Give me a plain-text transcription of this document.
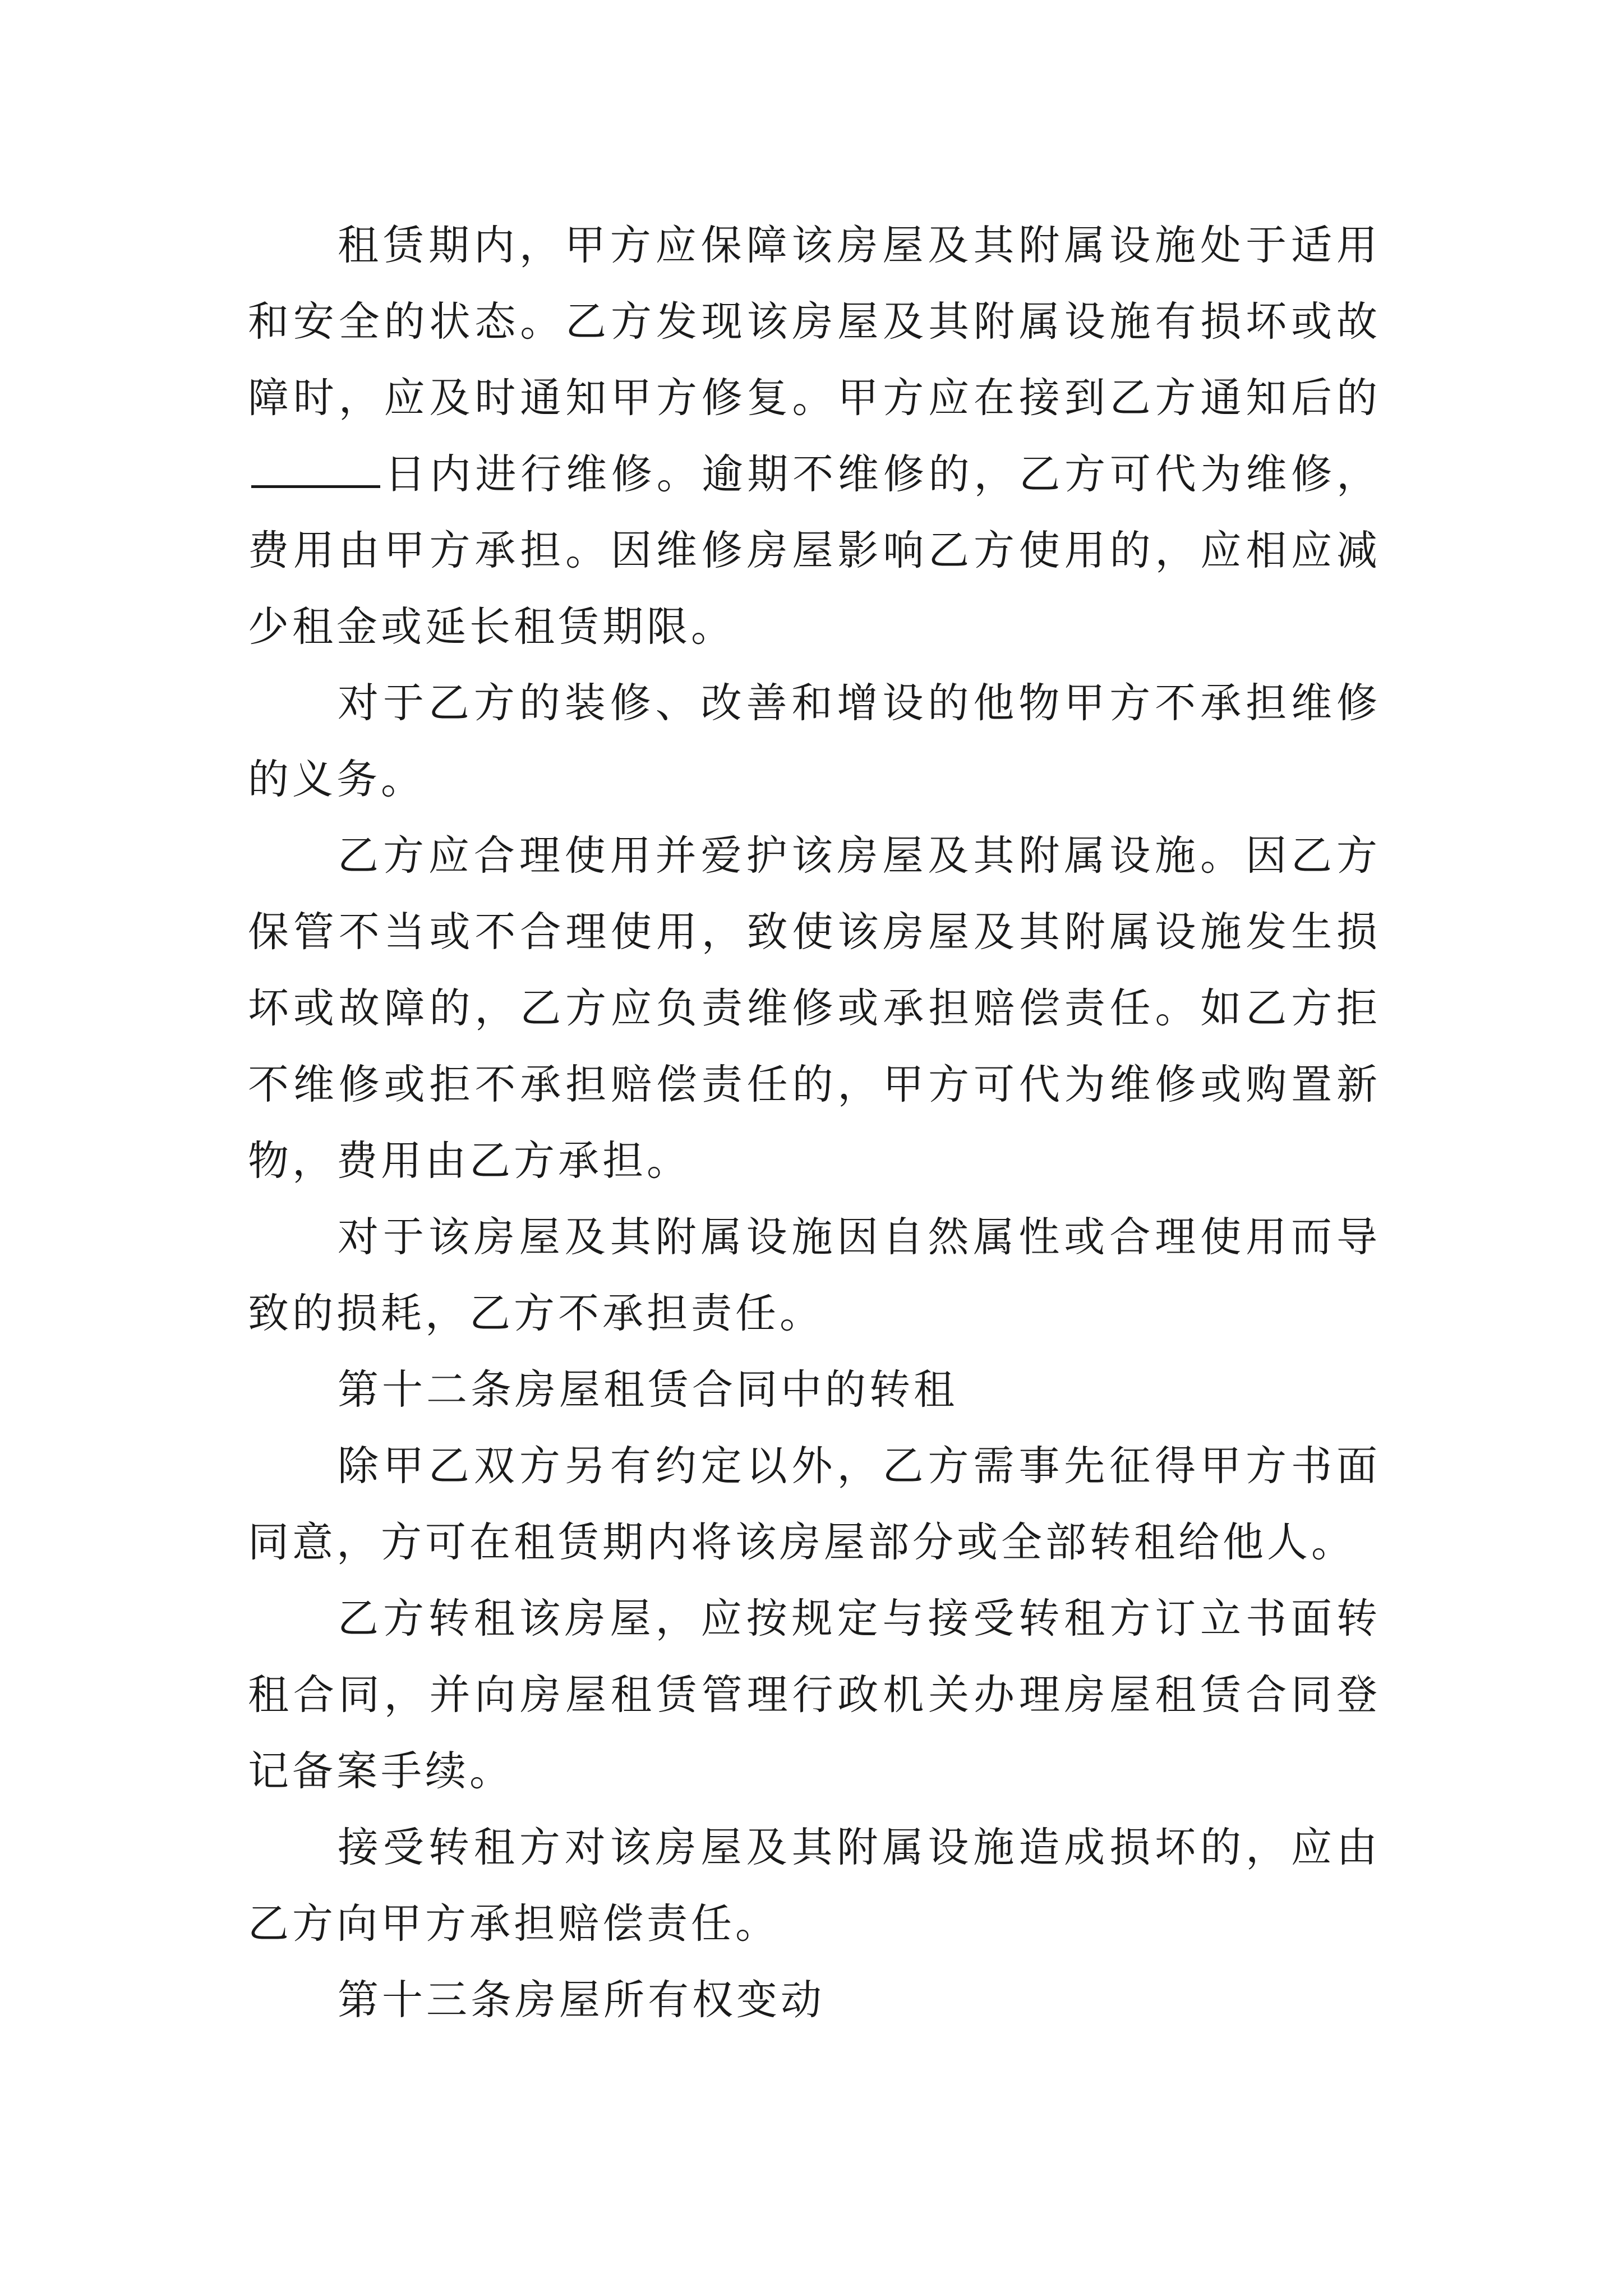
租赁期内，甲方应保障该房屋及其附属设施处于适用和安全的状态。乙方发现该房屋及其附属设施有损坏或故障时，应及时通知甲方修复。甲方应在接到乙方通知后的日内进行维修。逾期不维修的，乙方可代为维修，费用由甲方承担。因维修房屋影响乙方使用的，应相应减少租金或延长租赁期限。

对于乙方的装修、改善和增设的他物甲方不承担维修的义务。

乙方应合理使用并爱护该房屋及其附属设施。因乙方保管不当或不合理使用，致使该房屋及其附属设施发生损坏或故障的，乙方应负责维修或承担赔偿责任。如乙方拒不维修或拒不承担赔偿责任的，甲方可代为维修或购置新物，费用由乙方承担。

对于该房屋及其附属设施因自然属性或合理使用而导致的损耗，乙方不承担责任。

第十二条房屋租赁合同中的转租

除甲乙双方另有约定以外，乙方需事先征得甲方书面同意，方可在租赁期内将该房屋部分或全部转租给他人。

乙方转租该房屋，应按规定与接受转租方订立书面转租合同，并向房屋租赁管理行政机关办理房屋租赁合同登记备案手续。

接受转租方对该房屋及其附属设施造成损坏的，应由乙方向甲方承担赔偿责任。

第十三条房屋所有权变动
